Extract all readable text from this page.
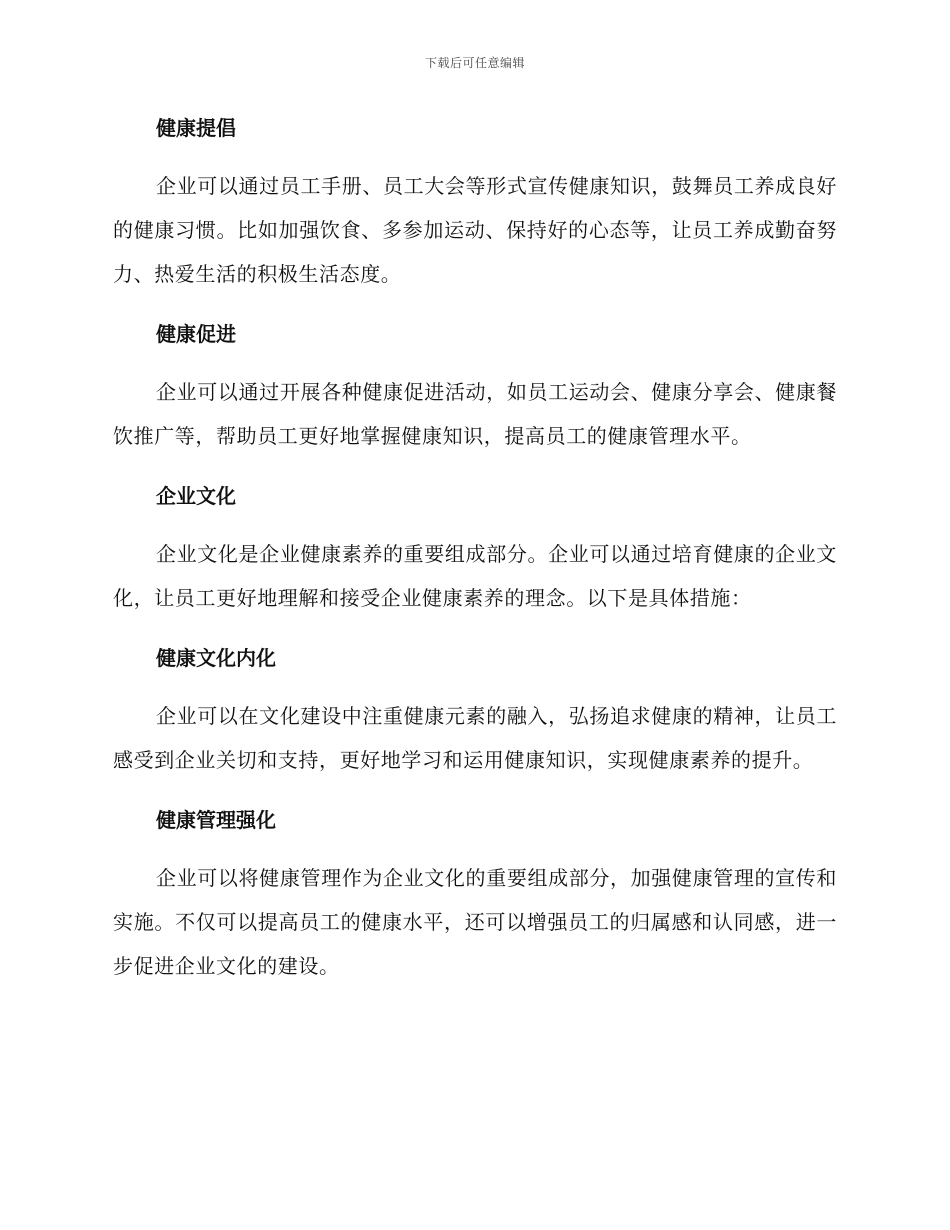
下载后可任意编辑
健康提倡

企业可以通过员工手册、员工大会等形式宣传健康知识，鼓舞员工养成良好的健康习惯。比如加强饮食、多参加运动、保持好的心态等，让员工养成勤奋努力、热爱生活的积极生活态度。

健康促进

企业可以通过开展各种健康促进活动，如员工运动会、健康分享会、健康餐饮推广等，帮助员工更好地掌握健康知识，提高员工的健康管理水平。

企业文化

企业文化是企业健康素养的重要组成部分。企业可以通过培育健康的企业文化，让员工更好地理解和接受企业健康素养的理念。以下是具体措施：

健康文化内化

企业可以在文化建设中注重健康元素的融入，弘扬追求健康的精神，让员工感受到企业关切和支持，更好地学习和运用健康知识，实现健康素养的提升。

健康管理强化

企业可以将健康管理作为企业文化的重要组成部分，加强健康管理的宣传和实施。不仅可以提高员工的健康水平，还可以增强员工的归属感和认同感，进一步促进企业文化的建设。
